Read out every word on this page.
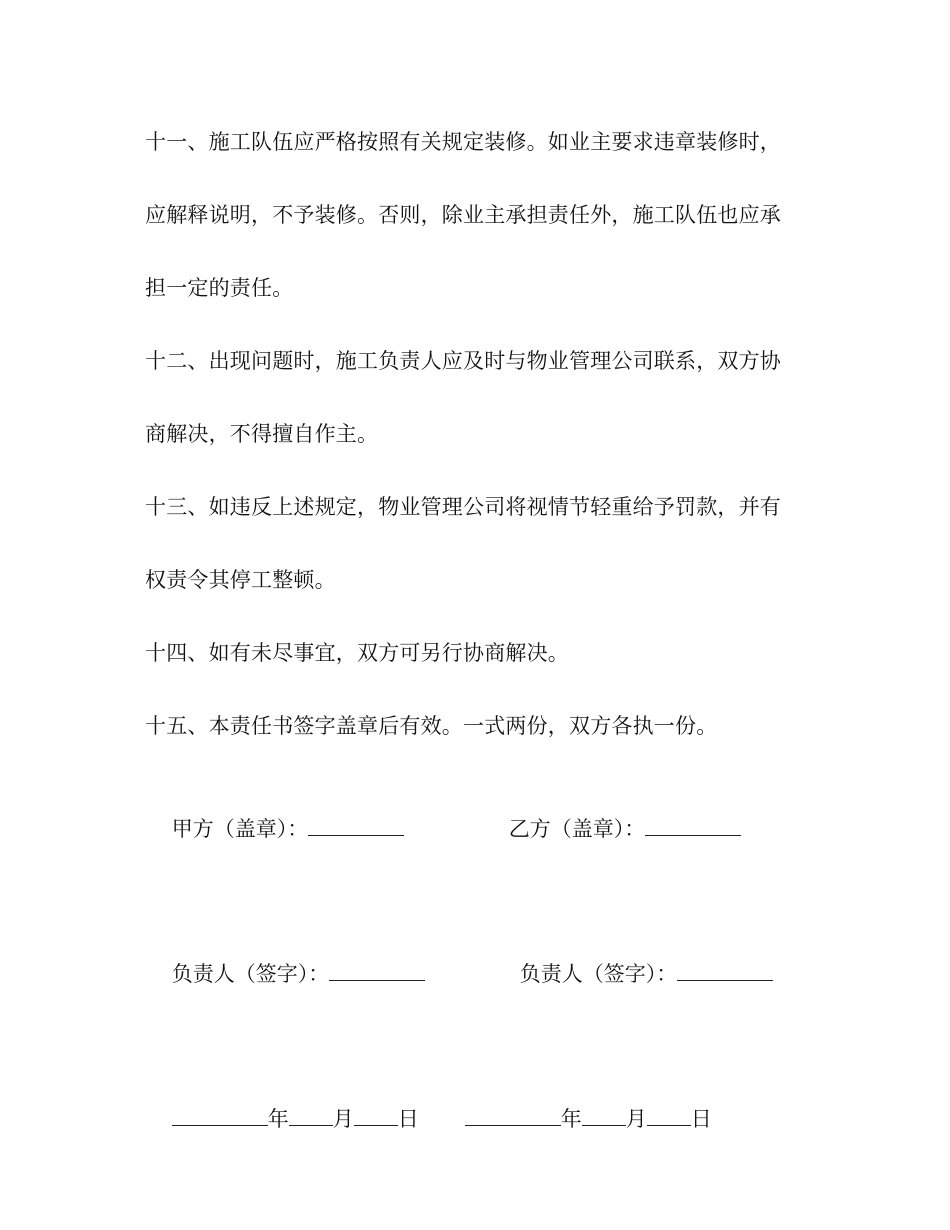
十一、施工队伍应严格按照有关规定装修。如业主要求违章装修时，
应解释说明，不予装修。否则，除业主承担责任外，施工队伍也应承
担一定的责任。
十二、出现问题时，施工负责人应及时与物业管理公司联系，双方协
商解决，不得擅自作主。
十三、如违反上述规定，物业管理公司将视情节轻重给予罚款，并有
权责令其停工整顿。
十四、如有未尽事宜，双方可另行协商解决。
十五、本责任书签字盖章后有效。一式两份，双方各执一份。

甲方（盖章）：
	乙方（盖章）：

负责人（签字）：
	负责人（签字）：

年 月 日
	年 月 日
